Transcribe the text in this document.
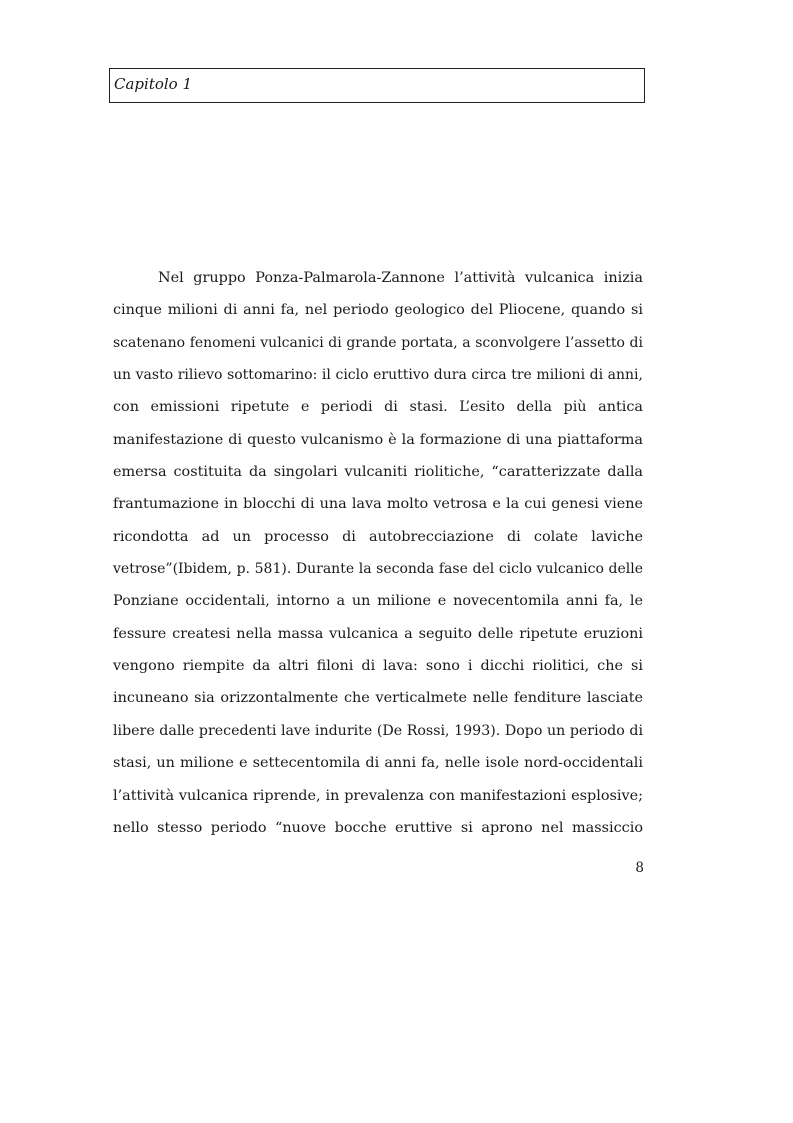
Capitolo 1
Nel gruppo Ponza-Palmarola-Zannone l’attività vulcanica inizia
cinque milioni di anni fa, nel periodo geologico del Pliocene, quando si
scatenano fenomeni vulcanici di grande portata, a sconvolgere l’assetto di
un vasto rilievo sottomarino: il ciclo eruttivo dura circa tre milioni di anni,
con emissioni ripetute e periodi di stasi. L’esito della più antica
manifestazione di questo vulcanismo è la formazione di una piattaforma
emersa costituita da singolari vulcaniti riolitiche, “caratterizzate dalla
frantumazione in blocchi di una lava molto vetrosa e la cui genesi viene
ricondotta ad un processo di autobrecciazione di colate laviche
vetrose”(Ibidem, p. 581). Durante la seconda fase del ciclo vulcanico delle
Ponziane occidentali, intorno a un milione e novecentomila anni fa, le
fessure createsi nella massa vulcanica a seguito delle ripetute eruzioni
vengono riempite da altri filoni di lava: sono i dicchi riolitici, che si
incuneano sia orizzontalmente che verticalmete nelle fenditure lasciate
libere dalle precedenti lave indurite (De Rossi, 1993). Dopo un periodo di
stasi, un milione e settecentomila di anni fa, nelle isole nord-occidentali
l’attività vulcanica riprende, in prevalenza con manifestazioni esplosive;
nello stesso periodo “nuove bocche eruttive si aprono nel massiccio
8
